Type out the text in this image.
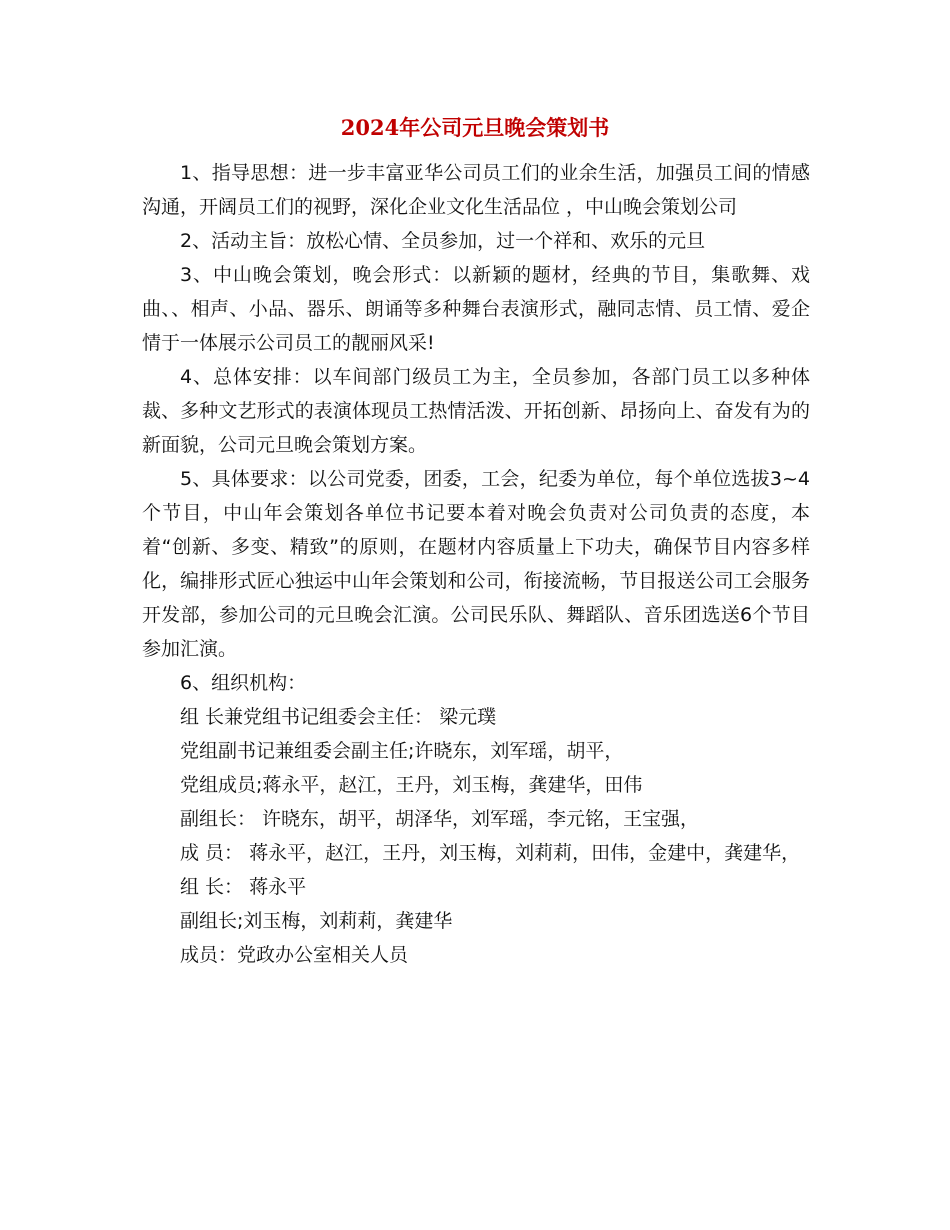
2024年公司元旦晚会策划书

1、指导思想：进一步丰富亚华公司员工们的业余生活，加强员工间的情感沟通，开阔员工们的视野，深化企业文化生活品位 ，中山晚会策划公司

2、活动主旨：放松心情、全员参加，过一个祥和、欢乐的元旦

3、中山晚会策划，晚会形式：以新颖的题材，经典的节目，集歌舞、戏曲、、相声、小品、器乐、朗诵等多种舞台表演形式，融同志情、员工情、爱企情于一体展示公司员工的靓丽风采!

4、总体安排：以车间部门级员工为主，全员参加，各部门员工以多种体裁、多种文艺形式的表演体现员工热情活泼、开拓创新、昂扬向上、奋发有为的新面貌，公司元旦晚会策划方案。

5、具体要求：以公司党委，团委，工会，纪委为单位，每个单位选拔3~4个节目，中山年会策划各单位书记要本着对晚会负责对公司负责的态度，本着“创新、多变、精致”的原则，在题材内容质量上下功夫，确保节目内容多样化，编排形式匠心独运中山年会策划和公司，衔接流畅，节目报送公司工会服务开发部，参加公司的元旦晚会汇演。公司民乐队、舞蹈队、音乐团选送6个节目参加汇演。

6、组织机构：

组 长兼党组书记组委会主任： 梁元璞

党组副书记兼组委会副主任;许晓东，刘军瑶，胡平，

党组成员;蒋永平，赵江，王丹，刘玉梅，龚建华，田伟

副组长： 许晓东，胡平，胡泽华，刘军瑶，李元铭，王宝强，

成 员： 蒋永平，赵江，王丹，刘玉梅，刘莉莉，田伟，金建中，龚建华，

组 长： 蒋永平

副组长;刘玉梅，刘莉莉，龚建华

成员：党政办公室相关人员
